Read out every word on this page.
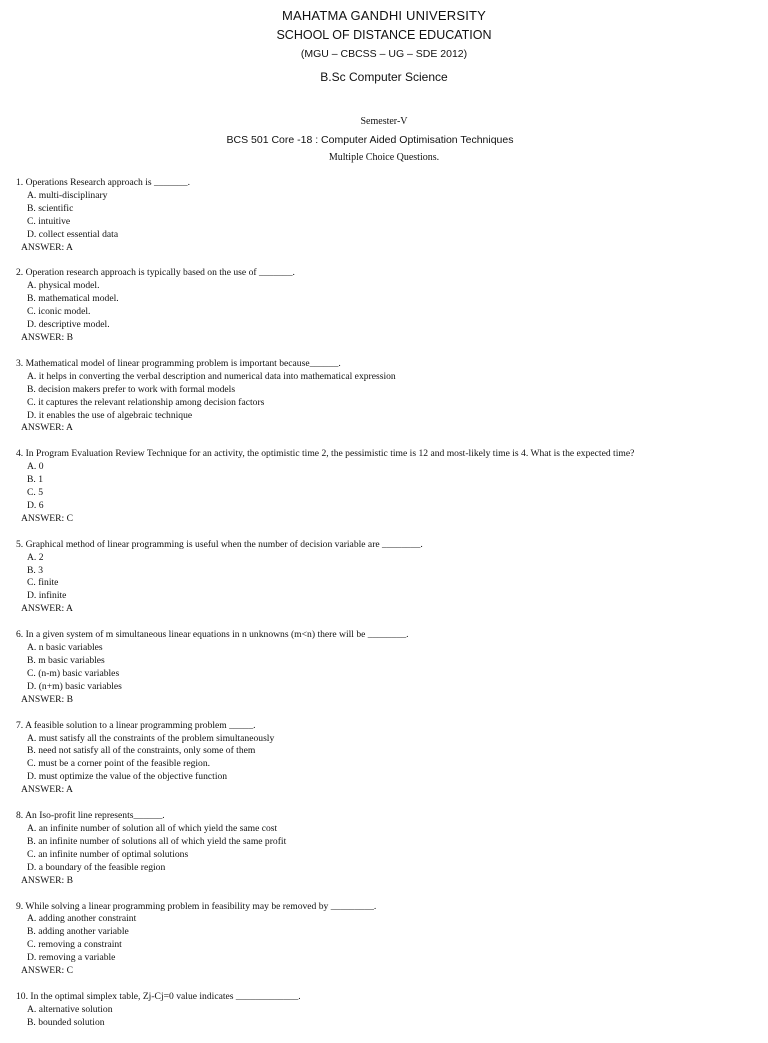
MAHATMA GANDHI UNIVERSITY
SCHOOL OF DISTANCE EDUCATION
(MGU – CBCSS – UG – SDE 2012)
B.Sc Computer Science
Semester-V
BCS 501 Core -18 : Computer Aided Optimisation Techniques
Multiple Choice Questions.
1. Operations Research approach is _______.
A. multi-disciplinary
B. scientific
C. intuitive
D. collect essential data
ANSWER: A
2. Operation research approach is typically based on the use of _______.
A. physical model.
B. mathematical model.
C. iconic model.
D. descriptive model.
ANSWER: B
3. Mathematical model of linear programming problem is important because______.
A. it helps in converting the verbal description and numerical data into mathematical expression
B. decision makers prefer to work with formal models
C. it captures the relevant relationship among decision factors
D. it enables the use of algebraic technique
ANSWER: A
4. In Program Evaluation Review Technique for an activity, the optimistic time 2, the pessimistic time is 12 and most-likely time is 4. What is the expected time?
A. 0
B. 1
C. 5
D. 6
ANSWER: C
5. Graphical method of linear programming is useful when the number of decision variable are ________.
A. 2
B. 3
C. finite
D. infinite
ANSWER: A
6. In a given system of m simultaneous linear equations in n unknowns (m<n) there will be ________.
A. n basic variables
B. m basic variables
C. (n-m) basic variables
D. (n+m) basic variables
ANSWER: B
7. A feasible solution to a linear programming problem _____.
A. must satisfy all the constraints of the problem simultaneously
B. need not satisfy all of the constraints, only some of them
C. must be a corner point of the feasible region.
D. must optimize the value of the objective function
ANSWER: A
8. An Iso-profit line represents______.
A. an infinite number of solution all of which yield the same cost
B. an infinite number of solutions all of which yield the same profit
C. an infinite number of optimal solutions
D. a boundary of the feasible region
ANSWER: B
9. While solving a linear programming problem in feasibility may be removed by _________.
A. adding another constraint
B. adding another variable
C. removing a constraint
D. removing a variable
ANSWER: C
10. In the optimal simplex table, Zj-Cj=0 value indicates _____________.
A. alternative solution
B. bounded solution
